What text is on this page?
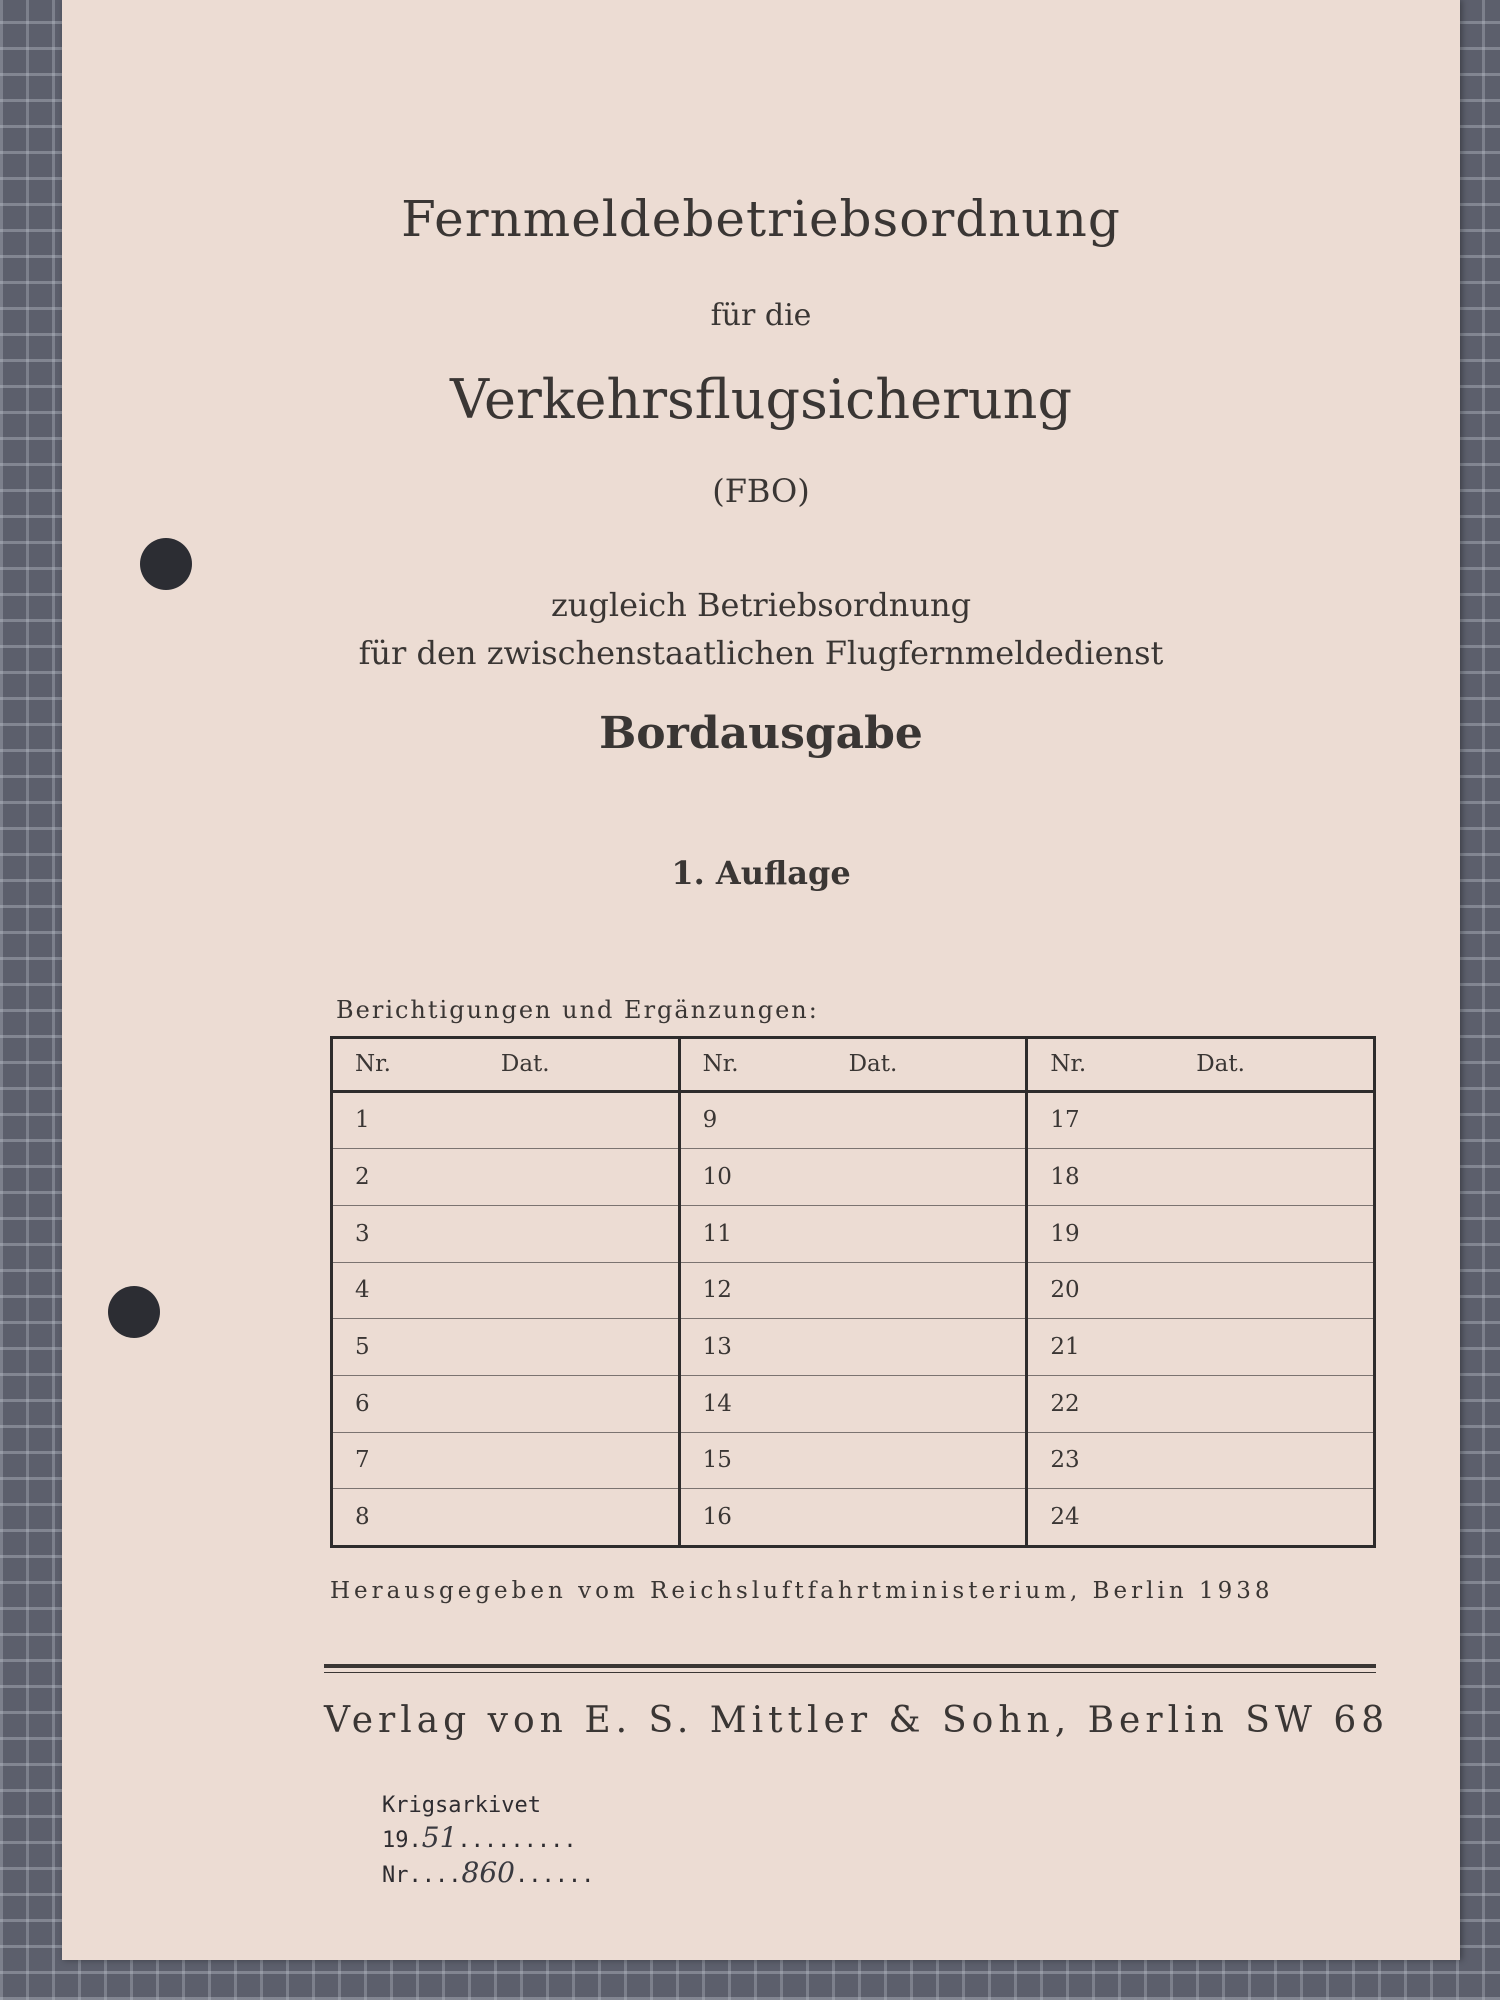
Fernmeldebetriebsordnung
für die
Verkehrsflugsicherung
(FBO)
zugleich Betriebsordnung
für den zwischenstaatlichen Flugfernmeldedienst
Bordausgabe
1. Auflage
Berichtigungen und Ergänzungen:
Nr. Dat.	Nr. Dat.	Nr. Dat.
1	9	17
2	10	18
3	11	19
4	12	20
5	13	21
6	14	22
7	15	23
8	16	24
Herausgegeben vom Reichsluftfahrtministerium, Berlin 1938
Verlag von E. S. Mittler & Sohn, Berlin SW 68
Krigsarkivet
19.51.........
Nr....860......
